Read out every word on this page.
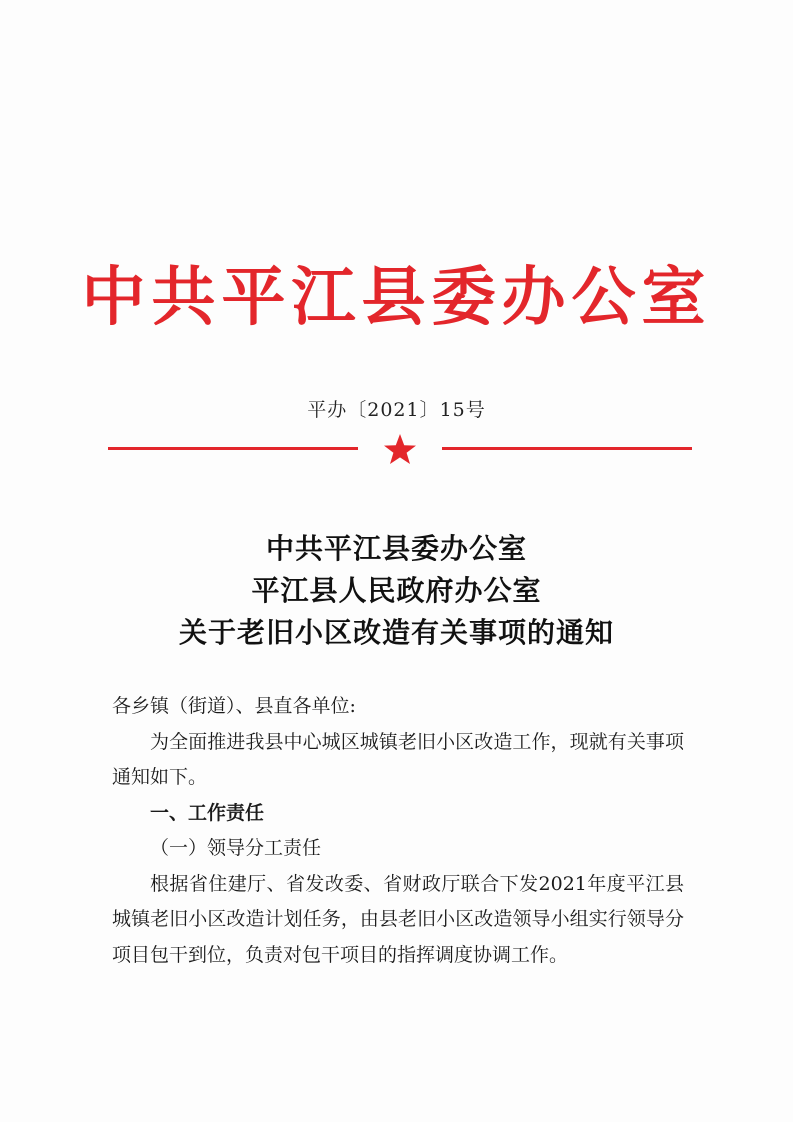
中共平江县委办公室
平办〔2021〕15号
中共平江县委办公室
平江县人民政府办公室
关于老旧小区改造有关事项的通知

各乡镇（街道）、县直各单位:

为全面推进我县中心城区城镇老旧小区改造工作，现就有关事项通知如下。

一、工作责任

（一）领导分工责任

根据省住建厅、省发改委、省财政厅联合下发2021年度平江县城镇老旧小区改造计划任务，由县老旧小区改造领导小组实行领导分项目包干到位，负责对包干项目的指挥调度协调工作。
